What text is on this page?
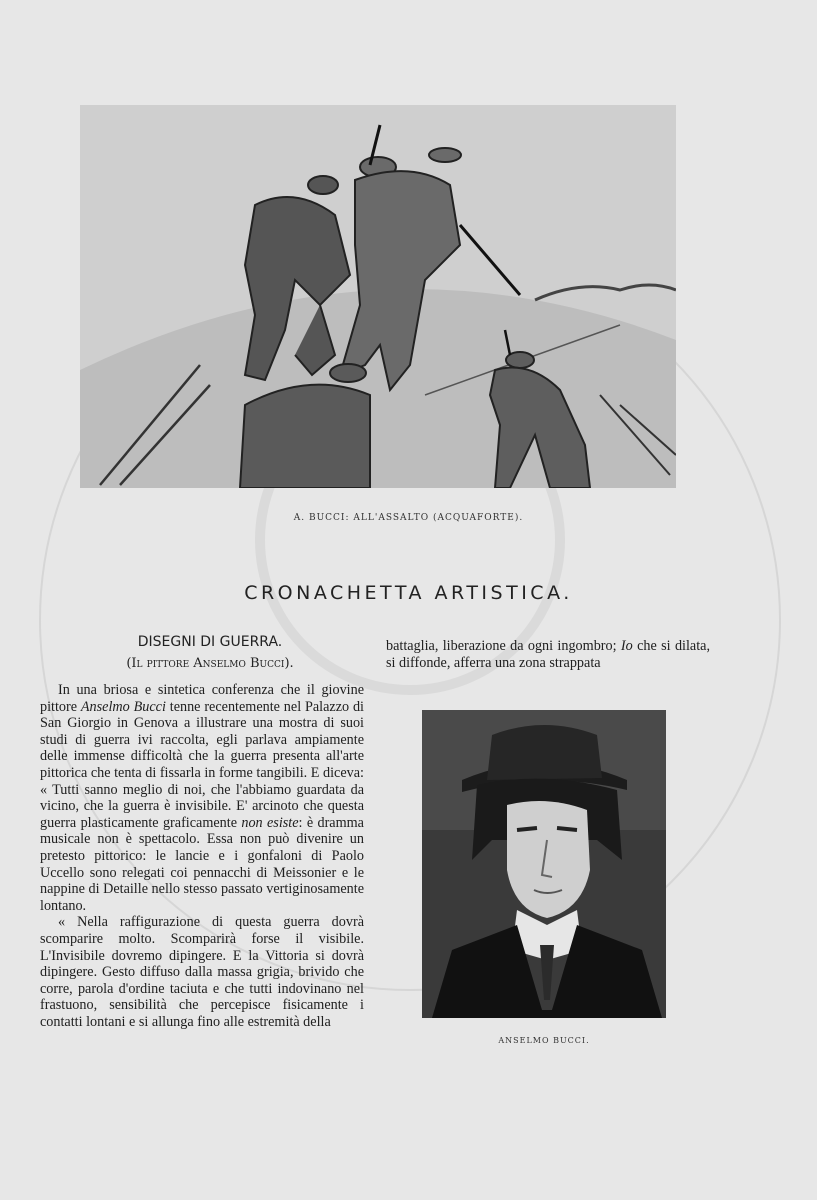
A. BUCCI: ALL'ASSALTO (ACQUAFORTE).
CRONACHETTA ARTISTICA.
DISEGNI DI GUERRA.
(Il pittore Anselmo Bucci).

In una briosa e sintetica conferenza che il giovine pittore Anselmo Bucci tenne recentemente nel Palazzo di San Giorgio in Genova a illustrare una mostra di suoi studi di guerra ivi raccolta, egli parlava ampiamente delle immense difficoltà che la guerra presenta all'arte pittorica che tenta di fissarla in forme tangibili. E diceva: « Tutti sanno meglio di noi, che l'abbiamo guardata da vicino, che la guerra è invisibile. E' arcinoto che questa guerra plasticamente graficamente non esiste: è dramma musicale non è spettacolo. Essa non può divenire un pretesto pittorico: le lancie e i gonfaloni di Paolo Uccello sono relegati coi pennacchi di Meissonier e le nappine di Detaille nello stesso passato vertiginosamente lontano.

« Nella raffigurazione di questa guerra dovrà scomparire molto. Scomparirà forse il visibile. L'Invisibile dovremo dipingere. E la Vittoria si dovrà dipingere. Gesto diffuso dalla massa grigia, brivido che corre, parola d'ordine taciuta e che tutti indovinano nel frastuono, sensibilità che percepisce fisicamente i contatti lontani e si allunga fino alle estremità della

battaglia, liberazione da ogni ingombro; Io che si dilata, si diffonde, afferra una zona strappata

ANSELMO BUCCI.
